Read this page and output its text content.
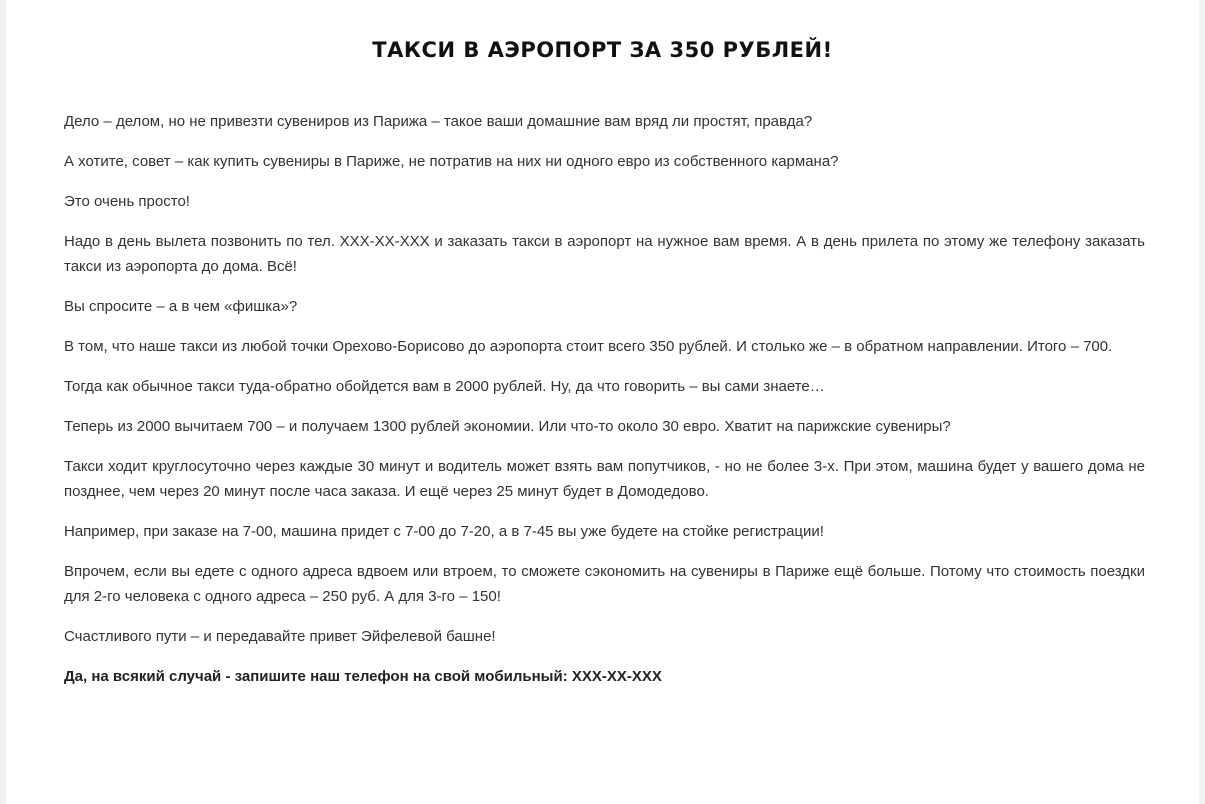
ТАКСИ В АЭРОПОРТ ЗА 350 РУБЛЕЙ!

Дело – делом, но не привезти сувениров из Парижа – такое ваши домашние вам вряд ли простят, правда?

А хотите, совет – как купить сувениры в Париже, не потратив на них ни одного евро из собственного кармана?

Это очень просто!

Надо в день вылета позвонить по тел. ХХХ-ХХ-ХХХ и заказать такси в аэропорт на нужное вам время. А в день прилета по этому же телефону заказать такси из аэропорта до дома. Всё!

Вы спросите – а в чем «фишка»?

В том, что наше такси из любой точки Орехово-Борисово до аэропорта стоит всего 350 рублей. И столько же – в обратном направлении. Итого – 700.

Тогда как обычное такси туда-обратно обойдется вам в 2000 рублей. Ну, да что говорить – вы сами знаете…

Теперь из 2000 вычитаем 700 – и получаем 1300 рублей экономии. Или что-то около 30 евро. Хватит на парижские сувениры?

Такси ходит круглосуточно через каждые 30 минут и водитель может взять вам попутчиков, - но не более 3-х. При этом, машина будет у вашего дома не позднее, чем через 20 минут после часа заказа. И ещё через 25 минут будет в Домодедово.

Например, при заказе на 7-00, машина придет с 7-00 до 7-20, а в 7-45 вы уже будете на стойке регистрации!

Впрочем, если вы едете с одного адреса вдвоем или втроем, то сможете сэкономить на сувениры в Париже ещё больше. Потому что стоимость поездки для 2-го человека с одного адреса – 250 руб. А для 3-го – 150!

Счастливого пути – и передавайте привет Эйфелевой башне!

Да, на всякий случай - запишите наш телефон на свой мобильный: ХХХ-ХХ-ХХХ
